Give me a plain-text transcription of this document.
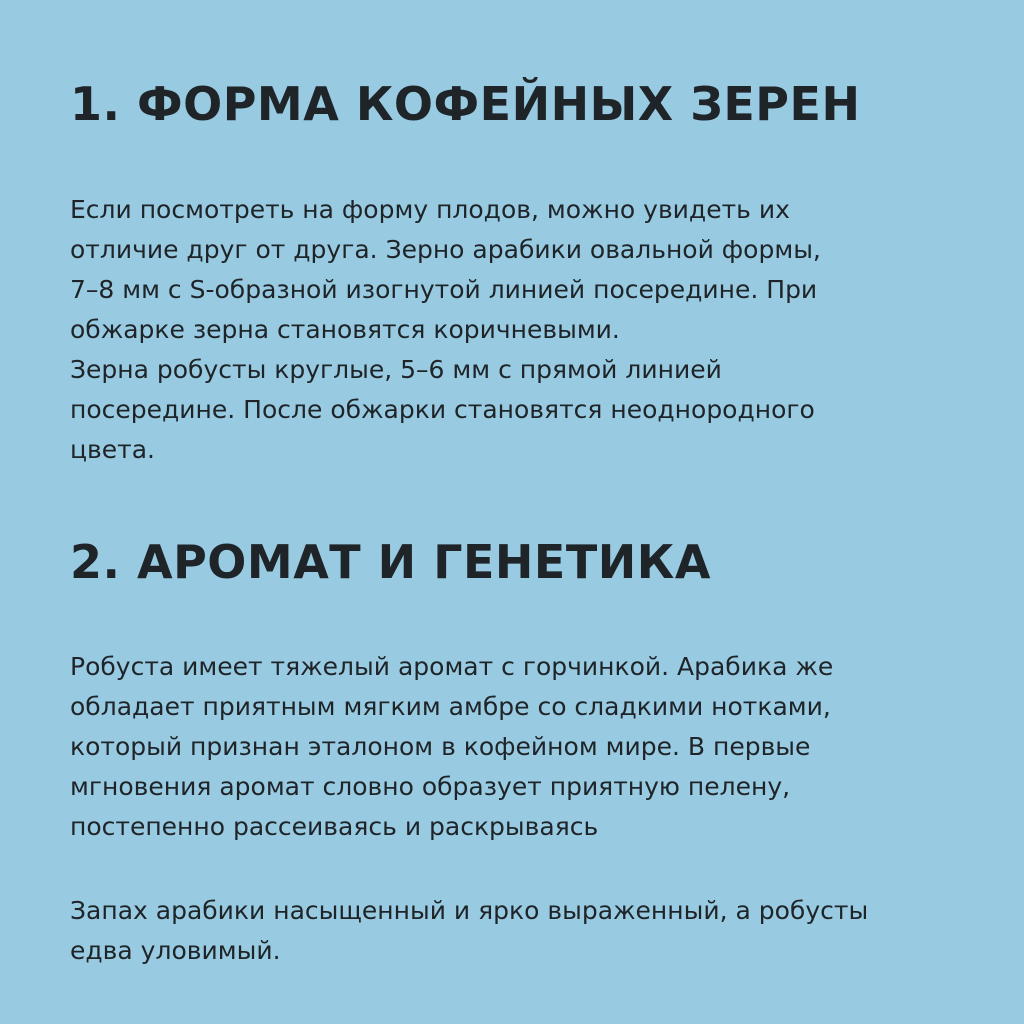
1. ФОРМА КОФЕЙНЫХ ЗЕРЕН

Если посмотреть на форму плодов, можно увидеть их
отличие друг от друга. Зерно арабики овальной формы,
7–8 мм с S-образной изогнутой линией посередине. При
обжарке зерна становятся коричневыми.
Зерна робусты круглые, 5–6 мм с прямой линией
посередине. После обжарки становятся неоднородного
цвета.

2. АРОМАТ И ГЕНЕТИКА

Робуста имеет тяжелый аромат с горчинкой. Арабика же
обладает приятным мягким амбре со сладкими нотками,
который признан эталоном в кофейном мире. В первые
мгновения аромат словно образует приятную пелену,
постепенно рассеиваясь и раскрываясь

Запах арабики насыщенный и ярко выраженный, а робусты
едва уловимый.
